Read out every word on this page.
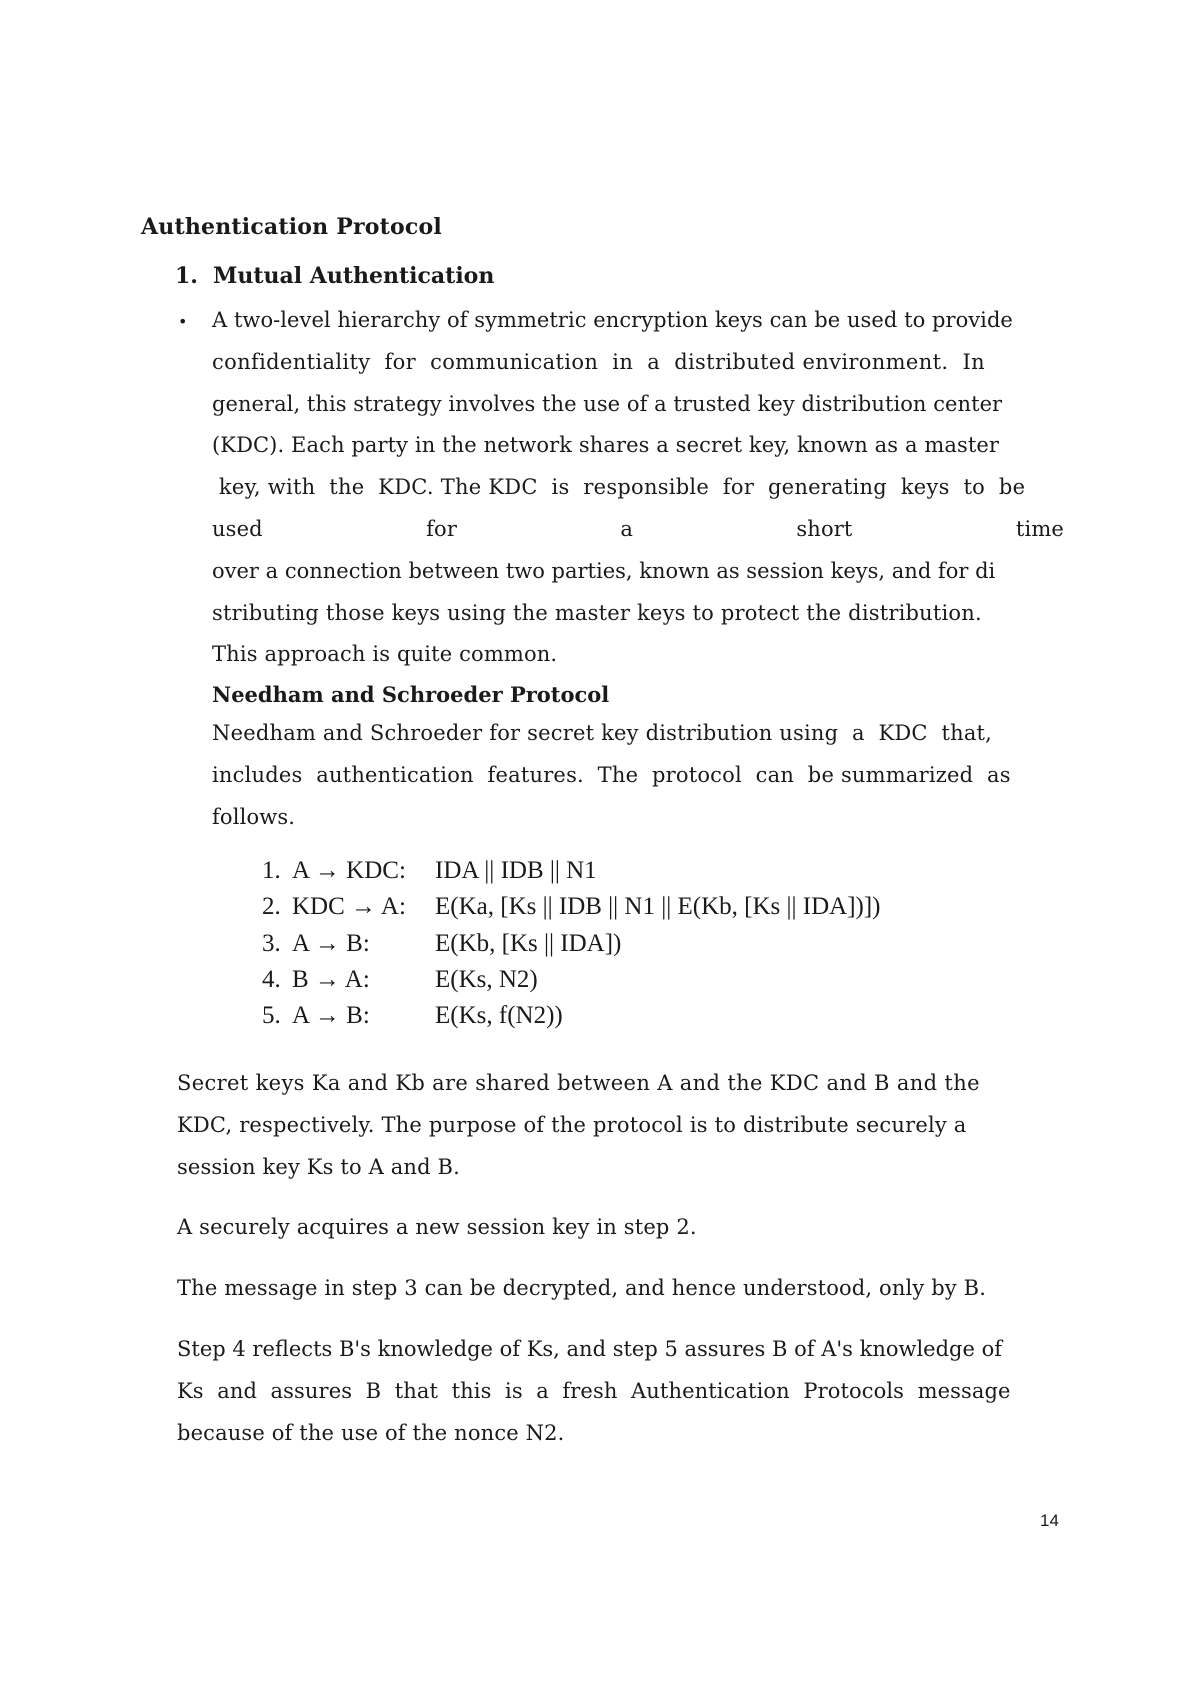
Authentication Protocol
1. Mutual Authentication
• A two-level hierarchy of symmetric encryption keys can be used to provide
confidentiality  for  communication  in  a  distributed environment.  In
general, this strategy involves the use of a trusted key distribution center
(KDC). Each party in the network shares a secret key, known as a master
key, with  the  KDC. The KDC  is  responsible  for  generating  keys  to  be
used	for	a	short	time
over a connection between two parties, known as session keys, and for di
stributing those keys using the master keys to protect the distribution.
This approach is quite common.
Needham and Schroeder Protocol
Needham and Schroeder for secret key distribution using  a  KDC  that,
includes  authentication  features.  The  protocol  can  be summarized  as
follows.
1. A → KDC:	IDA || IDB || N1
2. KDC → A:	E(Ka, [Ks || IDB || N1 || E(Kb, [Ks || IDA])])
3. A → B:	E(Kb, [Ks || IDA])
4. B → A:	E(Ks, N2)
5. A → B:	E(Ks, f(N2))
Secret keys Ka and Kb are shared between A and the KDC and B and the
KDC, respectively. The purpose of the protocol is to distribute securely a
session key Ks to A and B.
A securely acquires a new session key in step 2.
The message in step 3 can be decrypted, and hence understood, only by B.
Step 4 reflects B's knowledge of Ks, and step 5 assures B of A's knowledge of
Ks  and  assures  B  that  this  is  a  fresh  Authentication  Protocols  message
because of the use of the nonce N2.
14
